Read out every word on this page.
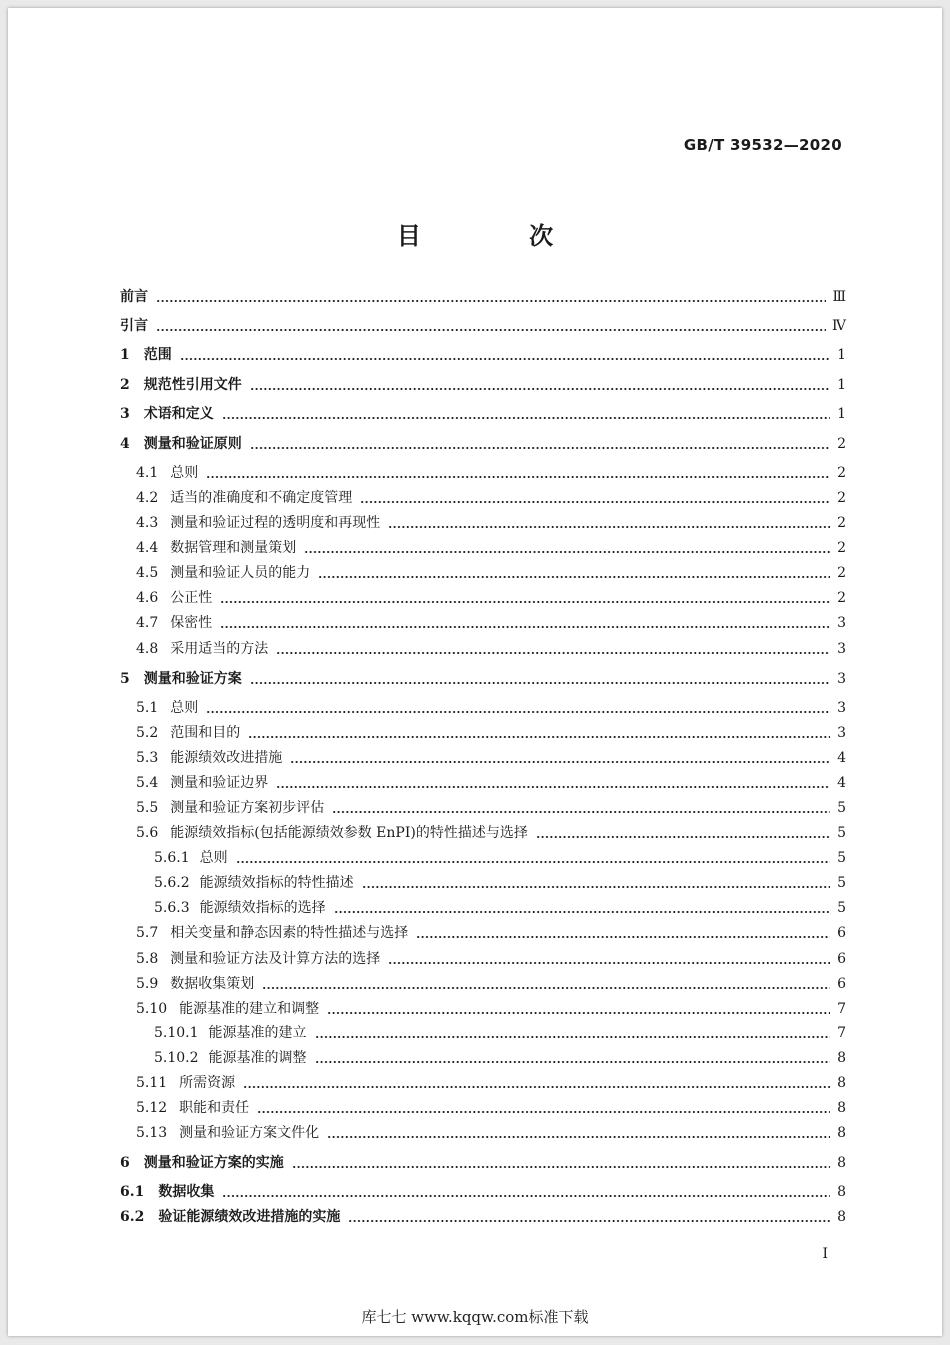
GB/T 39532—2020
目 次
前言	Ⅲ
引言	Ⅳ
1 范围	1
2 规范性引用文件	1
3 术语和定义	1
4 测量和验证原则	2
4.1 总则	2
4.2 适当的准确度和不确定度管理	2
4.3 测量和验证过程的透明度和再现性	2
4.4 数据管理和测量策划	2
4.5 测量和验证人员的能力	2
4.6 公正性	2
4.7 保密性	3
4.8 采用适当的方法	3
5 测量和验证方案	3
5.1 总则	3
5.2 范围和目的	3
5.3 能源绩效改进措施	4
5.4 测量和验证边界	4
5.5 测量和验证方案初步评估	5
5.6 能源绩效指标(包括能源绩效参数 EnPI)的特性描述与选择	5
5.6.1 总则	5
5.6.2 能源绩效指标的特性描述	5
5.6.3 能源绩效指标的选择	5
5.7 相关变量和静态因素的特性描述与选择	6
5.8 测量和验证方法及计算方法的选择	6
5.9 数据收集策划	6
5.10 能源基准的建立和调整	7
5.10.1 能源基准的建立	7
5.10.2 能源基准的调整	8
5.11 所需资源	8
5.12 职能和责任	8
5.13 测量和验证方案文件化	8
6 测量和验证方案的实施	8
6.1 数据收集	8
6.2 验证能源绩效改进措施的实施	8
I
库七七 www.kqqw.com标准下载
